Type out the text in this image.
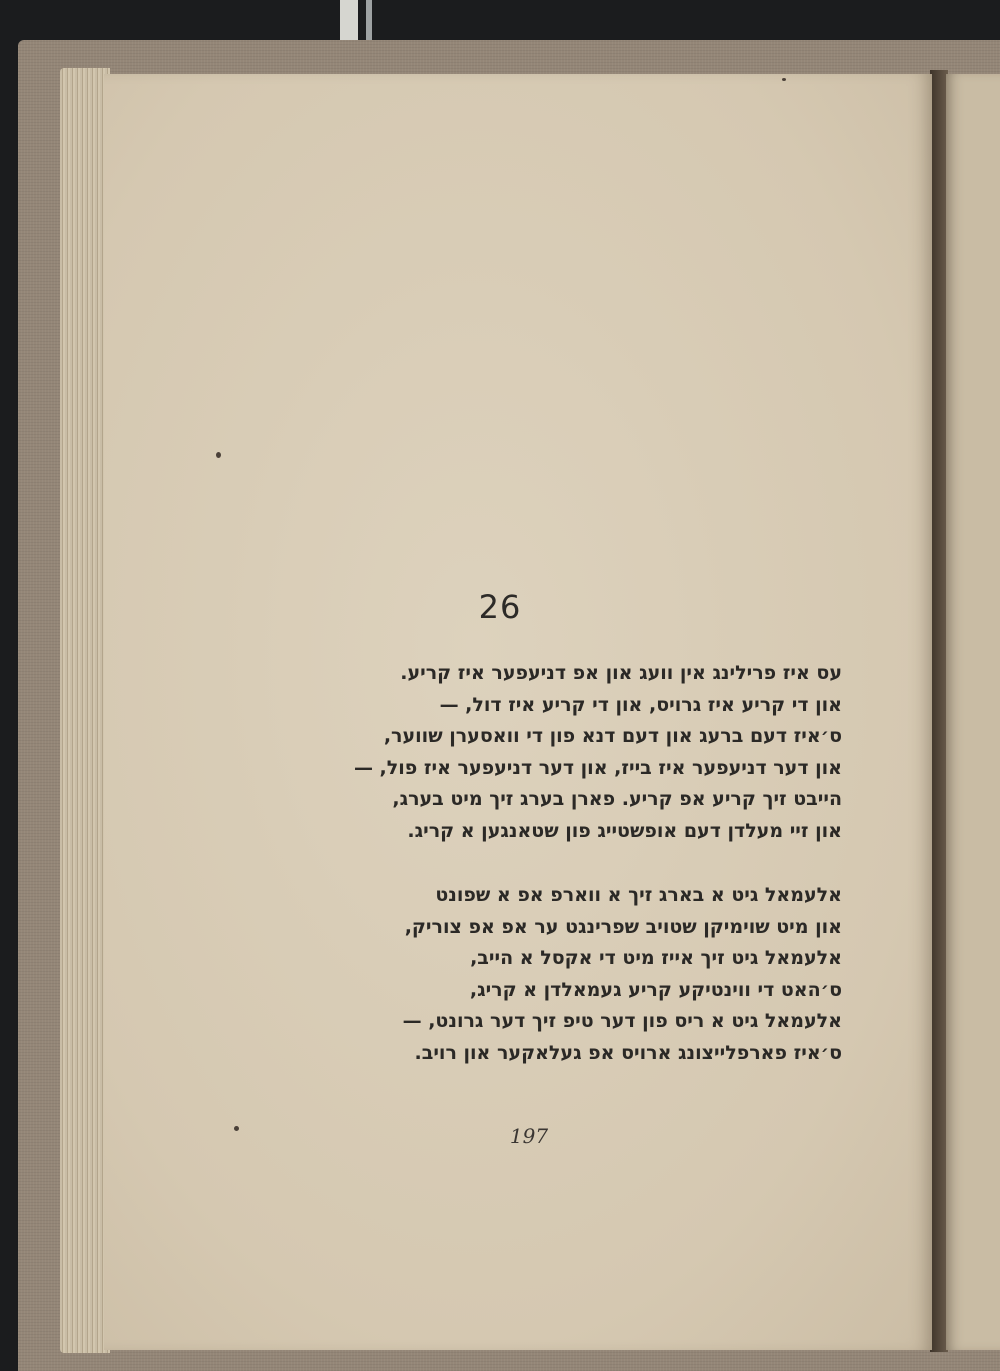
26
עס איז פרילינג אין וועג און אפ דניעפער איז קריע.
און די קריע איז גרויס, און די קריע איז דול, —
ס׳איז דעם ברעג און דעם דנא פון די וואסערן שווער,
און דער דניעפער איז בייז, און דער דניעפער איז פול, —
הייבט זיך קריע אפ קריע. פארן בערג זיך מיט בערג,
און זיי מעלדן דעם אופשטייג פון שטאנגען א קריג.
אלעמאל גיט א בארג זיך א ווארפ אפ א שפונט
און מיט שוימיקן שטויב שפרינגט ער אפ אפ צוריק,
אלעמאל גיט זיך אייז מיט די אקסל א הייב,
ס׳האט די ווינטיקע קריע געמאלדן א קריג,
אלעמאל גיט א ריס פון דער טיפ זיך דער גרונט, —
ס׳איז פארפלייצונג ארויס אפ געלאקער און רויב.
197
